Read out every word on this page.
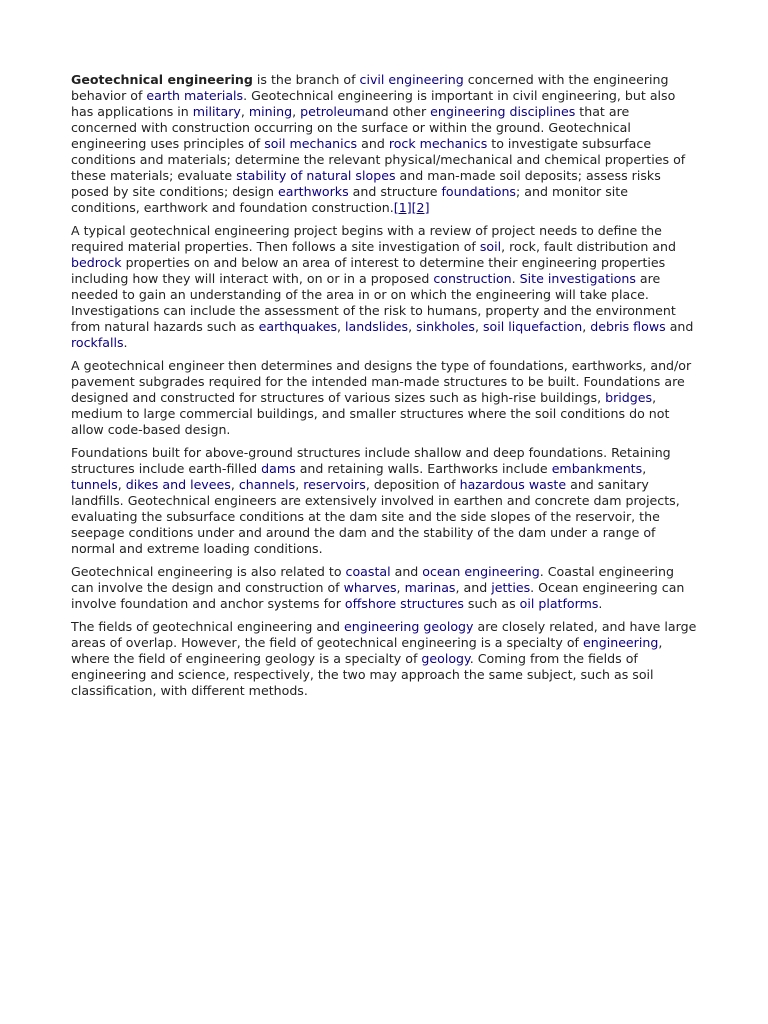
Geotechnical engineering is the branch of civil engineering concerned with the engineering behavior of earth materials. Geotechnical engineering is important in civil engineering, but also has applications in military, mining, petroleumand other engineering disciplines that are concerned with construction occurring on the surface or within the ground. Geotechnical engineering uses principles of soil mechanics and rock mechanics to investigate subsurface conditions and materials; determine the relevant physical/mechanical and chemical properties of these materials; evaluate stability of natural slopes and man-made soil deposits; assess risks posed by site conditions; design earthworks and structure foundations; and monitor site conditions, earthwork and foundation construction.[1][2]

A typical geotechnical engineering project begins with a review of project needs to define the required material properties. Then follows a site investigation of soil, rock, fault distribution and bedrock properties on and below an area of interest to determine their engineering properties including how they will interact with, on or in a proposed construction. Site investigations are needed to gain an understanding of the area in or on which the engineering will take place. Investigations can include the assessment of the risk to humans, property and the environment from natural hazards such as earthquakes, landslides, sinkholes, soil liquefaction, debris flows and rockfalls.

A geotechnical engineer then determines and designs the type of foundations, earthworks, and/or pavement subgrades required for the intended man-made structures to be built. Foundations are designed and constructed for structures of various sizes such as high-rise buildings, bridges, medium to large commercial buildings, and smaller structures where the soil conditions do not allow code-based design.

Foundations built for above-ground structures include shallow and deep foundations. Retaining structures include earth-filled dams and retaining walls. Earthworks include embankments, tunnels, dikes and levees, channels, reservoirs, deposition of hazardous waste and sanitary landfills. Geotechnical engineers are extensively involved in earthen and concrete dam projects, evaluating the subsurface conditions at the dam site and the side slopes of the reservoir, the seepage conditions under and around the dam and the stability of the dam under a range of normal and extreme loading conditions.

Geotechnical engineering is also related to coastal and ocean engineering. Coastal engineering can involve the design and construction of wharves, marinas, and jetties. Ocean engineering can involve foundation and anchor systems for offshore structures such as oil platforms.

The fields of geotechnical engineering and engineering geology are closely related, and have large areas of overlap. However, the field of geotechnical engineering is a specialty of engineering, where the field of engineering geology is a specialty of geology. Coming from the fields of engineering and science, respectively, the two may approach the same subject, such as soil classification, with different methods.
